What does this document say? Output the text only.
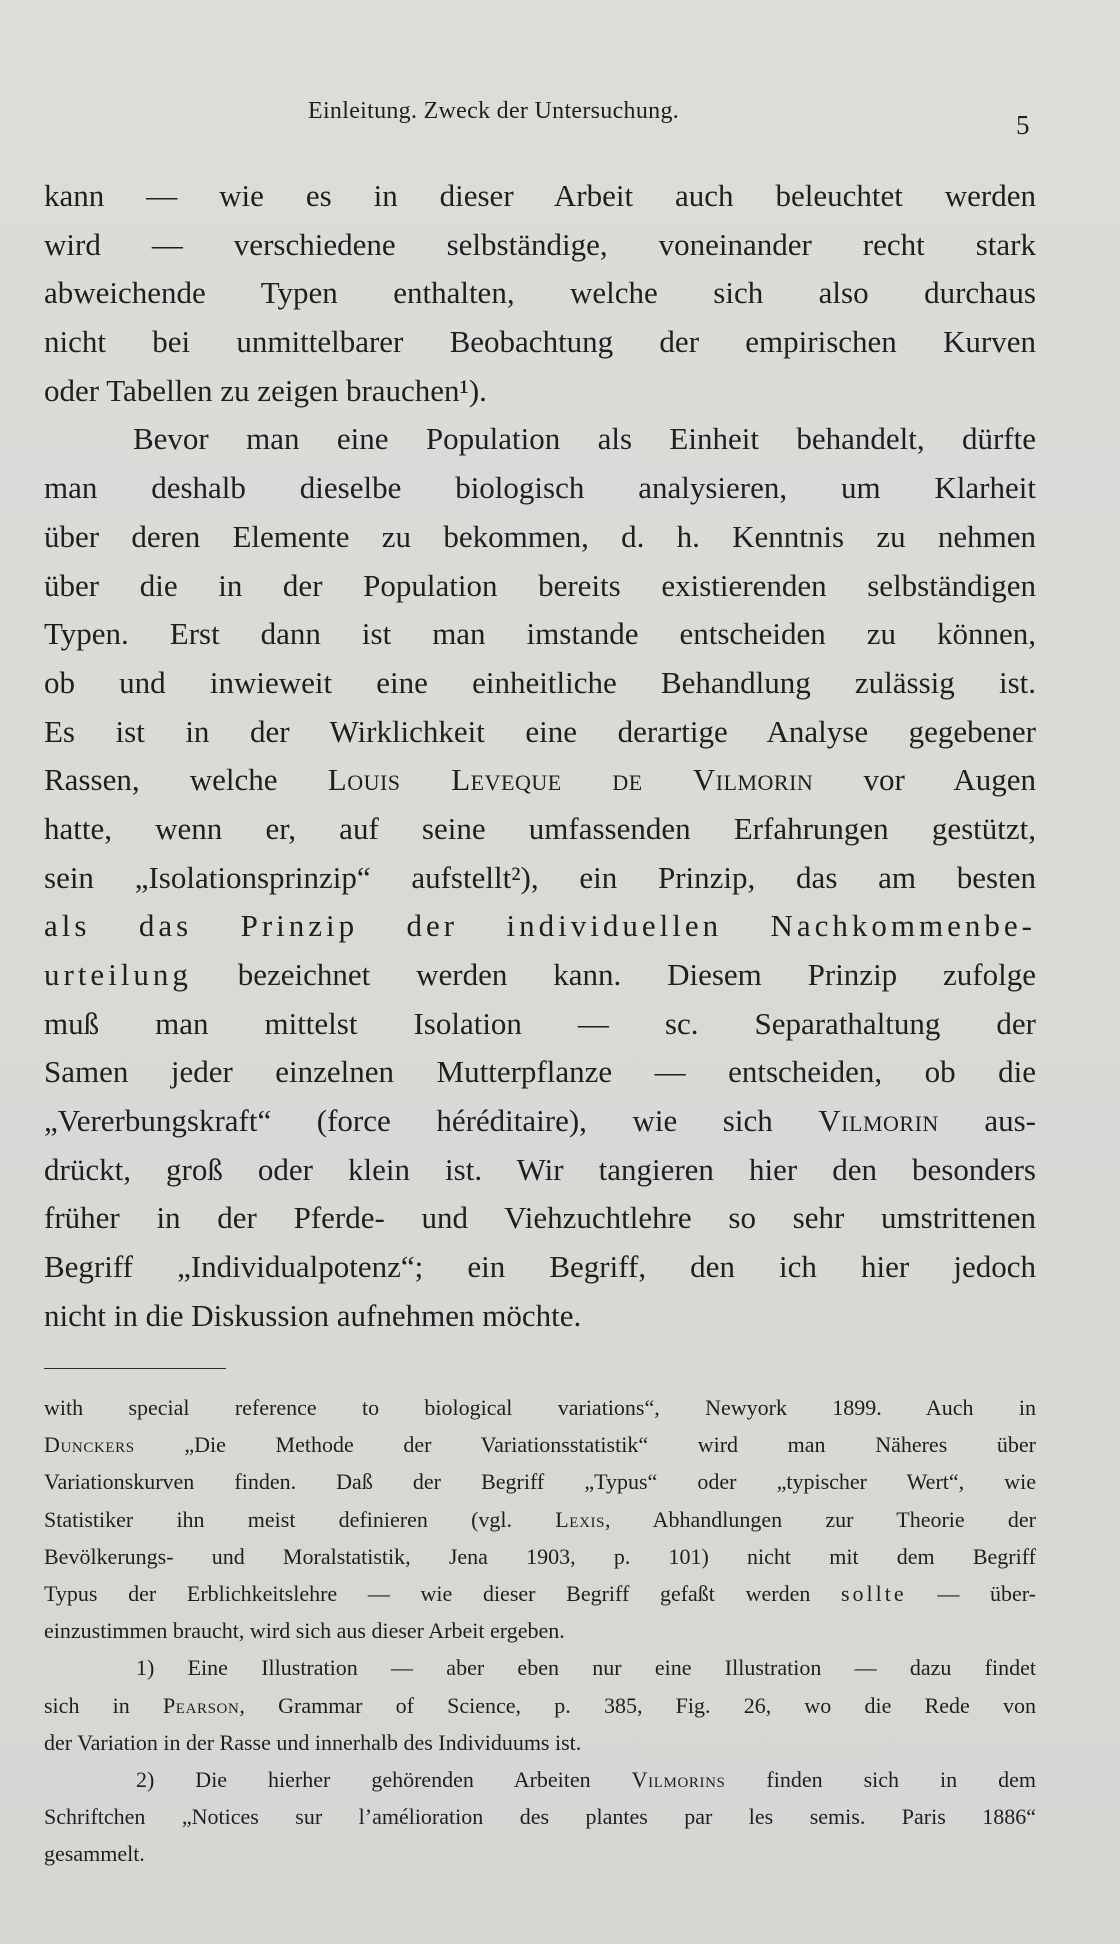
Einleitung. Zweck der Untersuchung.	5
kann — wie es in dieser Arbeit auch beleuchtet werden
wird — verschiedene selbständige, voneinander recht stark
abweichende Typen enthalten, welche sich also durchaus
nicht bei unmittelbarer Beobachtung der empirischen Kurven
oder Tabellen zu zeigen brauchen¹).
Bevor man eine Population als Einheit behandelt, dürfte
man deshalb dieselbe biologisch analysieren, um Klarheit
über deren Elemente zu bekommen, d. h. Kenntnis zu nehmen
über die in der Population bereits existierenden selbständigen
Typen. Erst dann ist man imstande entscheiden zu können,
ob und inwieweit eine einheitliche Behandlung zulässig ist.
Es ist in der Wirklichkeit eine derartige Analyse gegebener
Rassen, welche Louis Leveque de Vilmorin vor Augen
hatte, wenn er, auf seine umfassenden Erfahrungen gestützt,
sein „Isolationsprinzip“ aufstellt²), ein Prinzip, das am besten
als das Prinzip der individuellen Nachkommenbe-
urteilung bezeichnet werden kann. Diesem Prinzip zufolge
muß man mittelst Isolation — sc. Separathaltung der
Samen jeder einzelnen Mutterpflanze — entscheiden, ob die
„Vererbungskraft“ (force héréditaire), wie sich Vilmorin aus-
drückt, groß oder klein ist. Wir tangieren hier den besonders
früher in der Pferde- und Viehzuchtlehre so sehr umstrittenen
Begriff „Individualpotenz“; ein Begriff, den ich hier jedoch
nicht in die Diskussion aufnehmen möchte.
with special reference to biological variations“, Newyork 1899. Auch in
Dunckers „Die Methode der Variationsstatistik“ wird man Näheres über
Variationskurven finden. Daß der Begriff „Typus“ oder „typischer Wert“, wie
Statistiker ihn meist definieren (vgl. Lexis, Abhandlungen zur Theorie der
Bevölkerungs- und Moralstatistik, Jena 1903, p. 101) nicht mit dem Begriff
Typus der Erblichkeitslehre — wie dieser Begriff gefaßt werden sollte — über-
einzustimmen braucht, wird sich aus dieser Arbeit ergeben.
1) Eine Illustration — aber eben nur eine Illustration — dazu findet
sich in Pearson, Grammar of Science, p. 385, Fig. 26, wo die Rede von
der Variation in der Rasse und innerhalb des Individuums ist.
2) Die hierher gehörenden Arbeiten Vilmorins finden sich in dem
Schriftchen „Notices sur l’amélioration des plantes par les semis. Paris 1886“
gesammelt.
